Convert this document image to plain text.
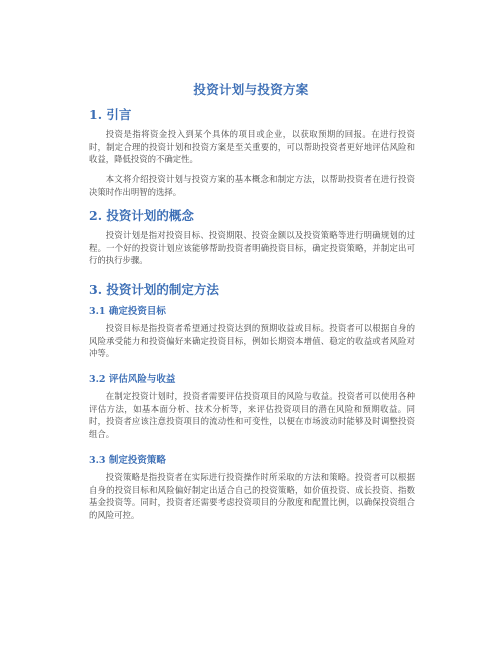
投资计划与投资方案
1. 引言

投资是指将资金投入到某个具体的项目或企业，以获取预期的回报。在进行投资时，制定合理的投资计划和投资方案是至关重要的，可以帮助投资者更好地评估风险和收益，降低投资的不确定性。

本文将介绍投资计划与投资方案的基本概念和制定方法，以帮助投资者在进行投资决策时作出明智的选择。

2. 投资计划的概念

投资计划是指对投资目标、投资期限、投资金额以及投资策略等进行明确规划的过程。一个好的投资计划应该能够帮助投资者明确投资目标，确定投资策略，并制定出可行的执行步骤。

3. 投资计划的制定方法
3.1 确定投资目标

投资目标是指投资者希望通过投资达到的预期收益或目标。投资者可以根据自身的风险承受能力和投资偏好来确定投资目标，例如长期资本增值、稳定的收益或者风险对冲等。

3.2 评估风险与收益

在制定投资计划时，投资者需要评估投资项目的风险与收益。投资者可以使用各种评估方法，如基本面分析、技术分析等，来评估投资项目的潜在风险和预期收益。同时，投资者应该注意投资项目的流动性和可变性，以便在市场波动时能够及时调整投资组合。

3.3 制定投资策略

投资策略是指投资者在实际进行投资操作时所采取的方法和策略。投资者可以根据自身的投资目标和风险偏好制定出适合自己的投资策略，如价值投资、成长投资、指数基金投资等。同时，投资者还需要考虑投资项目的分散度和配置比例，以确保投资组合的风险可控。
